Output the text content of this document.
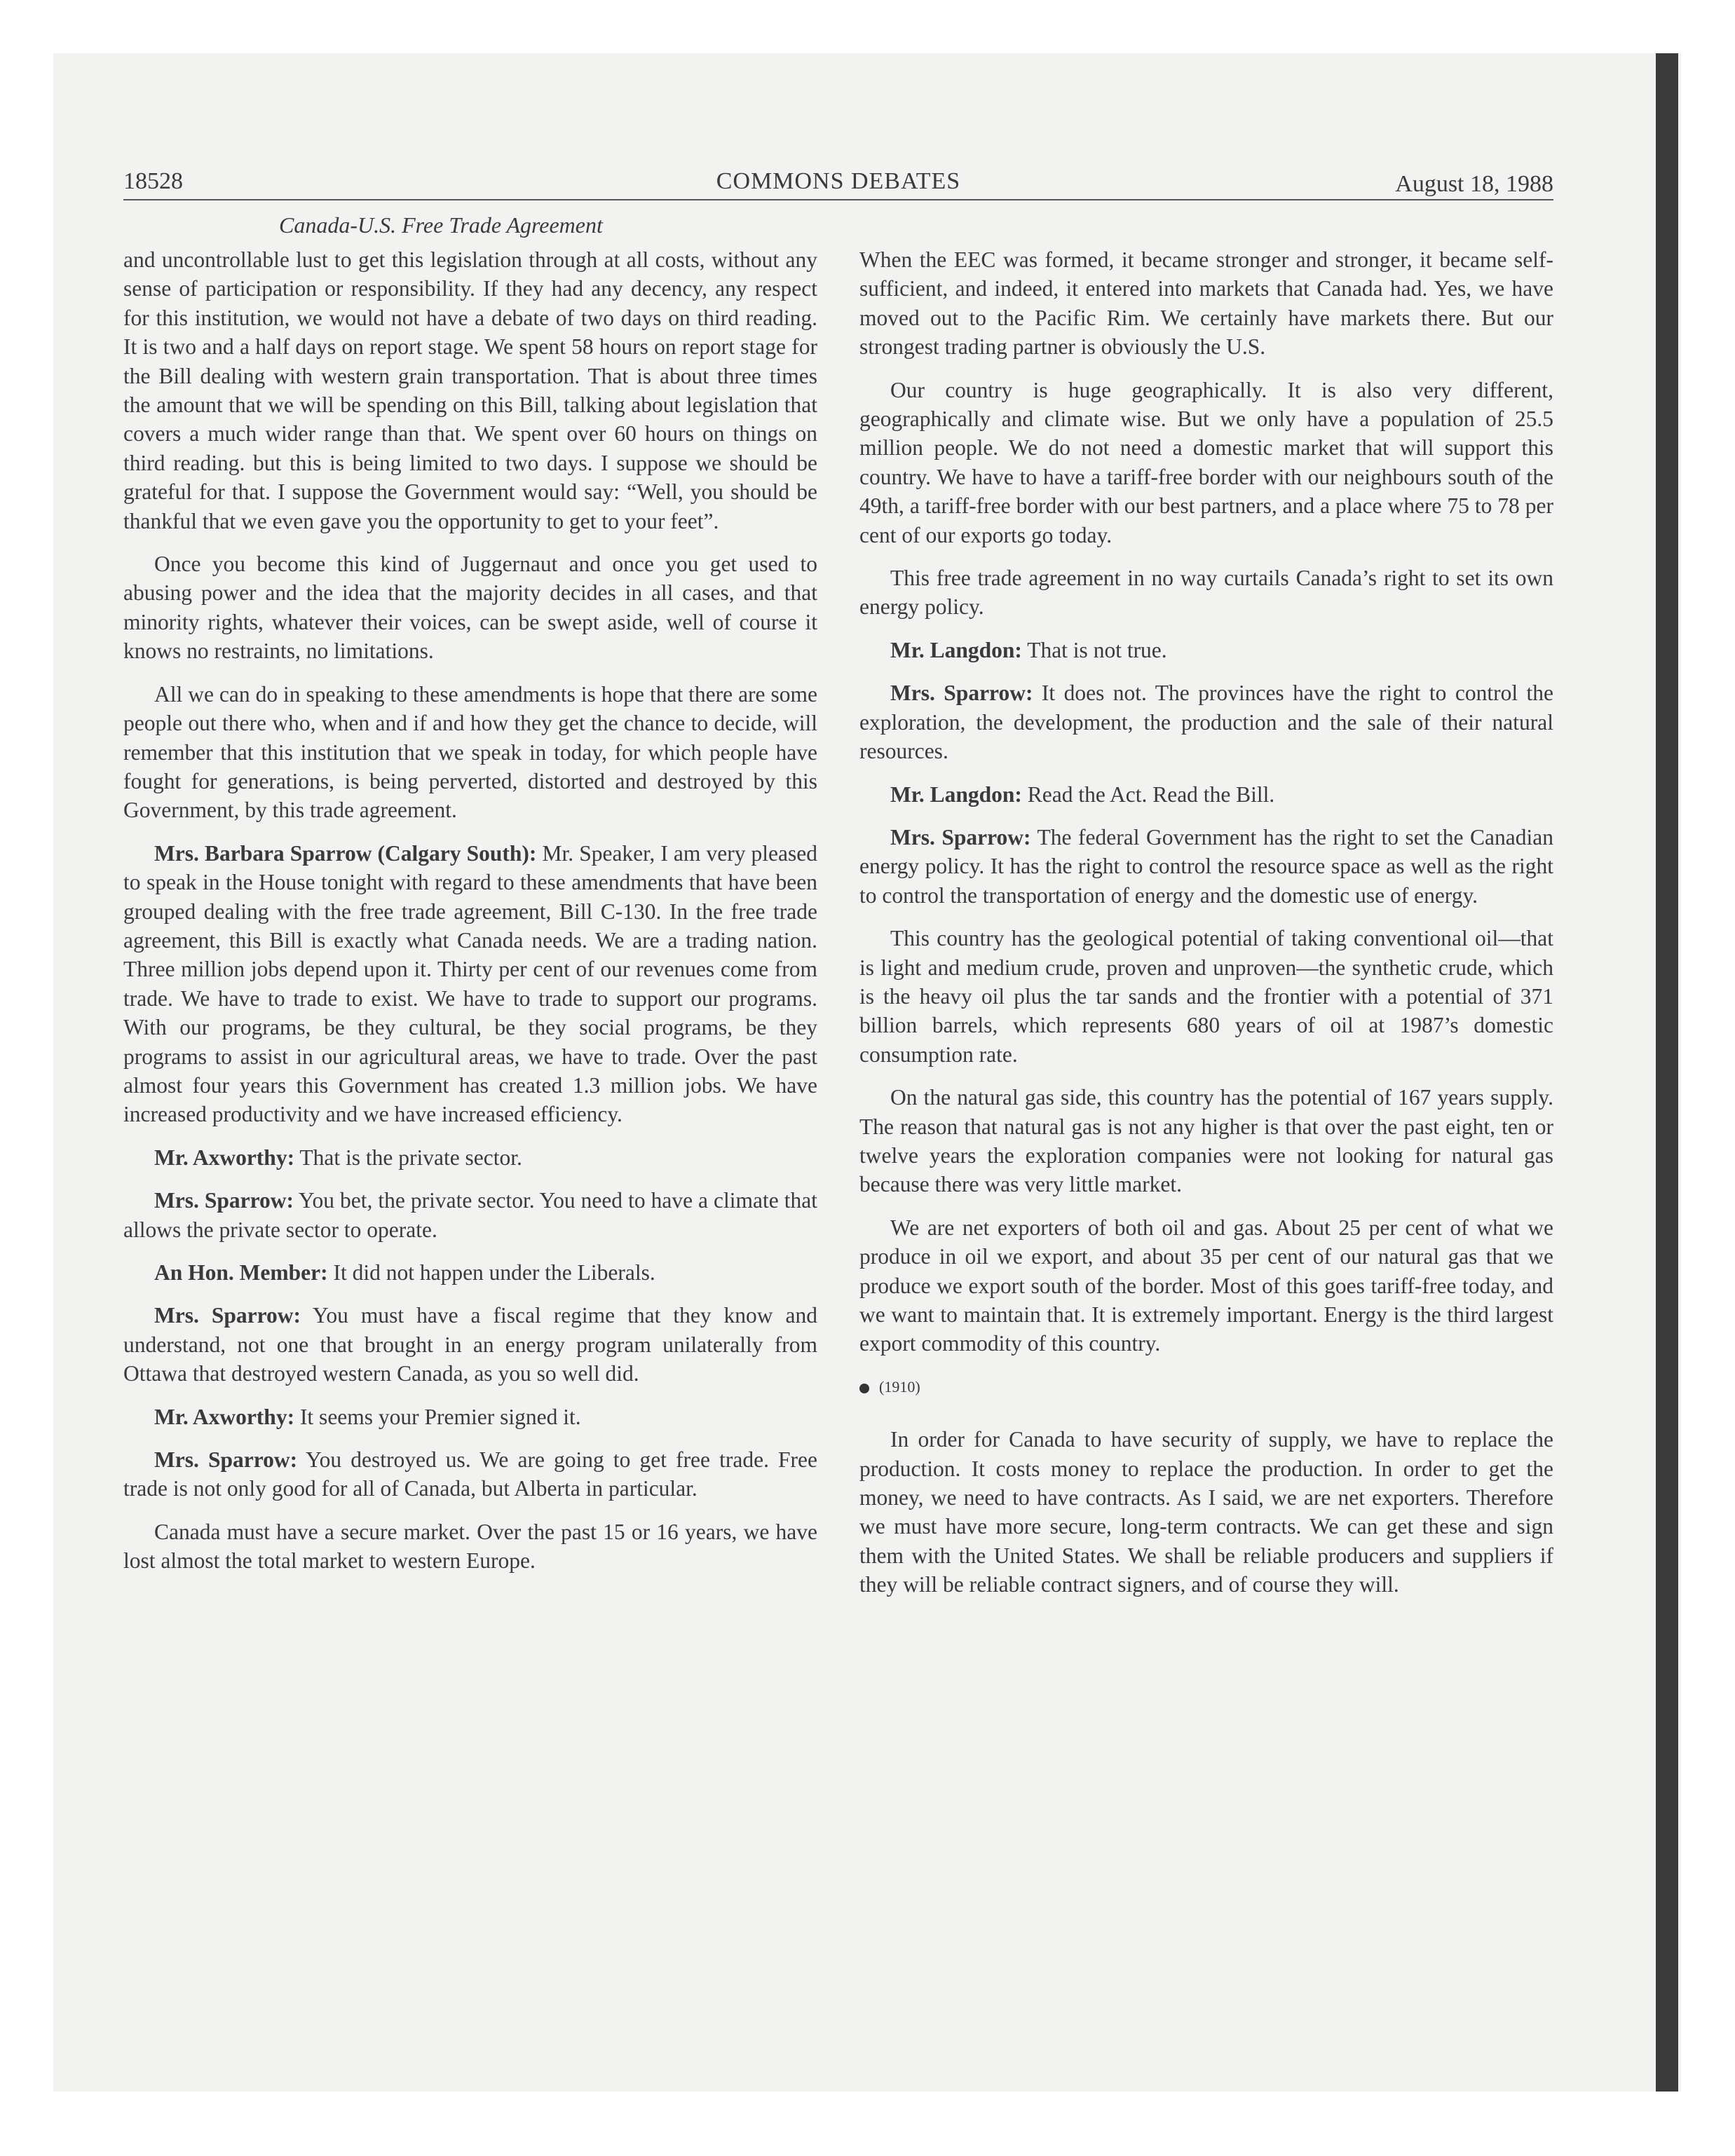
18528	COMMONS DEBATES	August 18, 1988
Canada-U.S. Free Trade Agreement

and uncontrollable lust to get this legislation through at all costs, without any sense of participation or responsibility. If they had any decency, any respect for this institution, we would not have a debate of two days on third reading. It is two and a half days on report stage. We spent 58 hours on report stage for the Bill dealing with western grain transportation. That is about three times the amount that we will be spending on this Bill, talking about legislation that covers a much wider range than that. We spent over 60 hours on things on third reading. but this is being limited to two days. I suppose we should be grateful for that. I suppose the Government would say: “Well, you should be thankful that we even gave you the opportunity to get to your feet”.

Once you become this kind of Juggernaut and once you get used to abusing power and the idea that the majority decides in all cases, and that minority rights, whatever their voices, can be swept aside, well of course it knows no restraints, no limitations.

All we can do in speaking to these amendments is hope that there are some people out there who, when and if and how they get the chance to decide, will remember that this institution that we speak in today, for which people have fought for generations, is being perverted, distorted and destroyed by this Government, by this trade agreement.

Mrs. Barbara Sparrow (Calgary South): Mr. Speaker, I am very pleased to speak in the House tonight with regard to these amendments that have been grouped dealing with the free trade agreement, Bill C-130. In the free trade agreement, this Bill is exactly what Canada needs. We are a trading nation. Three million jobs depend upon it. Thirty per cent of our revenues come from trade. We have to trade to exist. We have to trade to support our programs. With our programs, be they cultural, be they social programs, be they programs to assist in our agricultural areas, we have to trade. Over the past almost four years this Government has created 1.3 million jobs. We have increased productivity and we have increased efficiency.

Mr. Axworthy: That is the private sector.

Mrs. Sparrow: You bet, the private sector. You need to have a climate that allows the private sector to operate.

An Hon. Member: It did not happen under the Liberals.

Mrs. Sparrow: You must have a fiscal regime that they know and understand, not one that brought in an energy program unilaterally from Ottawa that destroyed western Canada, as you so well did.

Mr. Axworthy: It seems your Premier signed it.

Mrs. Sparrow: You destroyed us. We are going to get free trade. Free trade is not only good for all of Canada, but Alberta in particular.

Canada must have a secure market. Over the past 15 or 16 years, we have lost almost the total market to western Europe.

When the EEC was formed, it became stronger and stronger, it became self-sufficient, and indeed, it entered into markets that Canada had. Yes, we have moved out to the Pacific Rim. We certainly have markets there. But our strongest trading partner is obviously the U.S.

Our country is huge geographically. It is also very different, geographically and climate wise. But we only have a population of 25.5 million people. We do not need a domestic market that will support this country. We have to have a tariff-free border with our neighbours south of the 49th, a tariff-free border with our best partners, and a place where 75 to 78 per cent of our exports go today.

This free trade agreement in no way curtails Canada’s right to set its own energy policy.

Mr. Langdon: That is not true.

Mrs. Sparrow: It does not. The provinces have the right to control the exploration, the development, the production and the sale of their natural resources.

Mr. Langdon: Read the Act. Read the Bill.

Mrs. Sparrow: The federal Government has the right to set the Canadian energy policy. It has the right to control the resource space as well as the right to control the transportation of energy and the domestic use of energy.

This country has the geological potential of taking conventional oil—that is light and medium crude, proven and unproven—the synthetic crude, which is the heavy oil plus the tar sands and the frontier with a potential of 371 billion barrels, which represents 680 years of oil at 1987’s domestic consumption rate.

On the natural gas side, this country has the potential of 167 years supply. The reason that natural gas is not any higher is that over the past eight, ten or twelve years the exploration companies were not looking for natural gas because there was very little market.

We are net exporters of both oil and gas. About 25 per cent of what we produce in oil we export, and about 35 per cent of our natural gas that we produce we export south of the border. Most of this goes tariff-free today, and we want to maintain that. It is extremely important. Energy is the third largest export commodity of this country.

(1910)

In order for Canada to have security of supply, we have to replace the production. It costs money to replace the production. In order to get the money, we need to have contracts. As I said, we are net exporters. Therefore we must have more secure, long-term contracts. We can get these and sign them with the United States. We shall be reliable producers and suppliers if they will be reliable contract signers, and of course they will.
